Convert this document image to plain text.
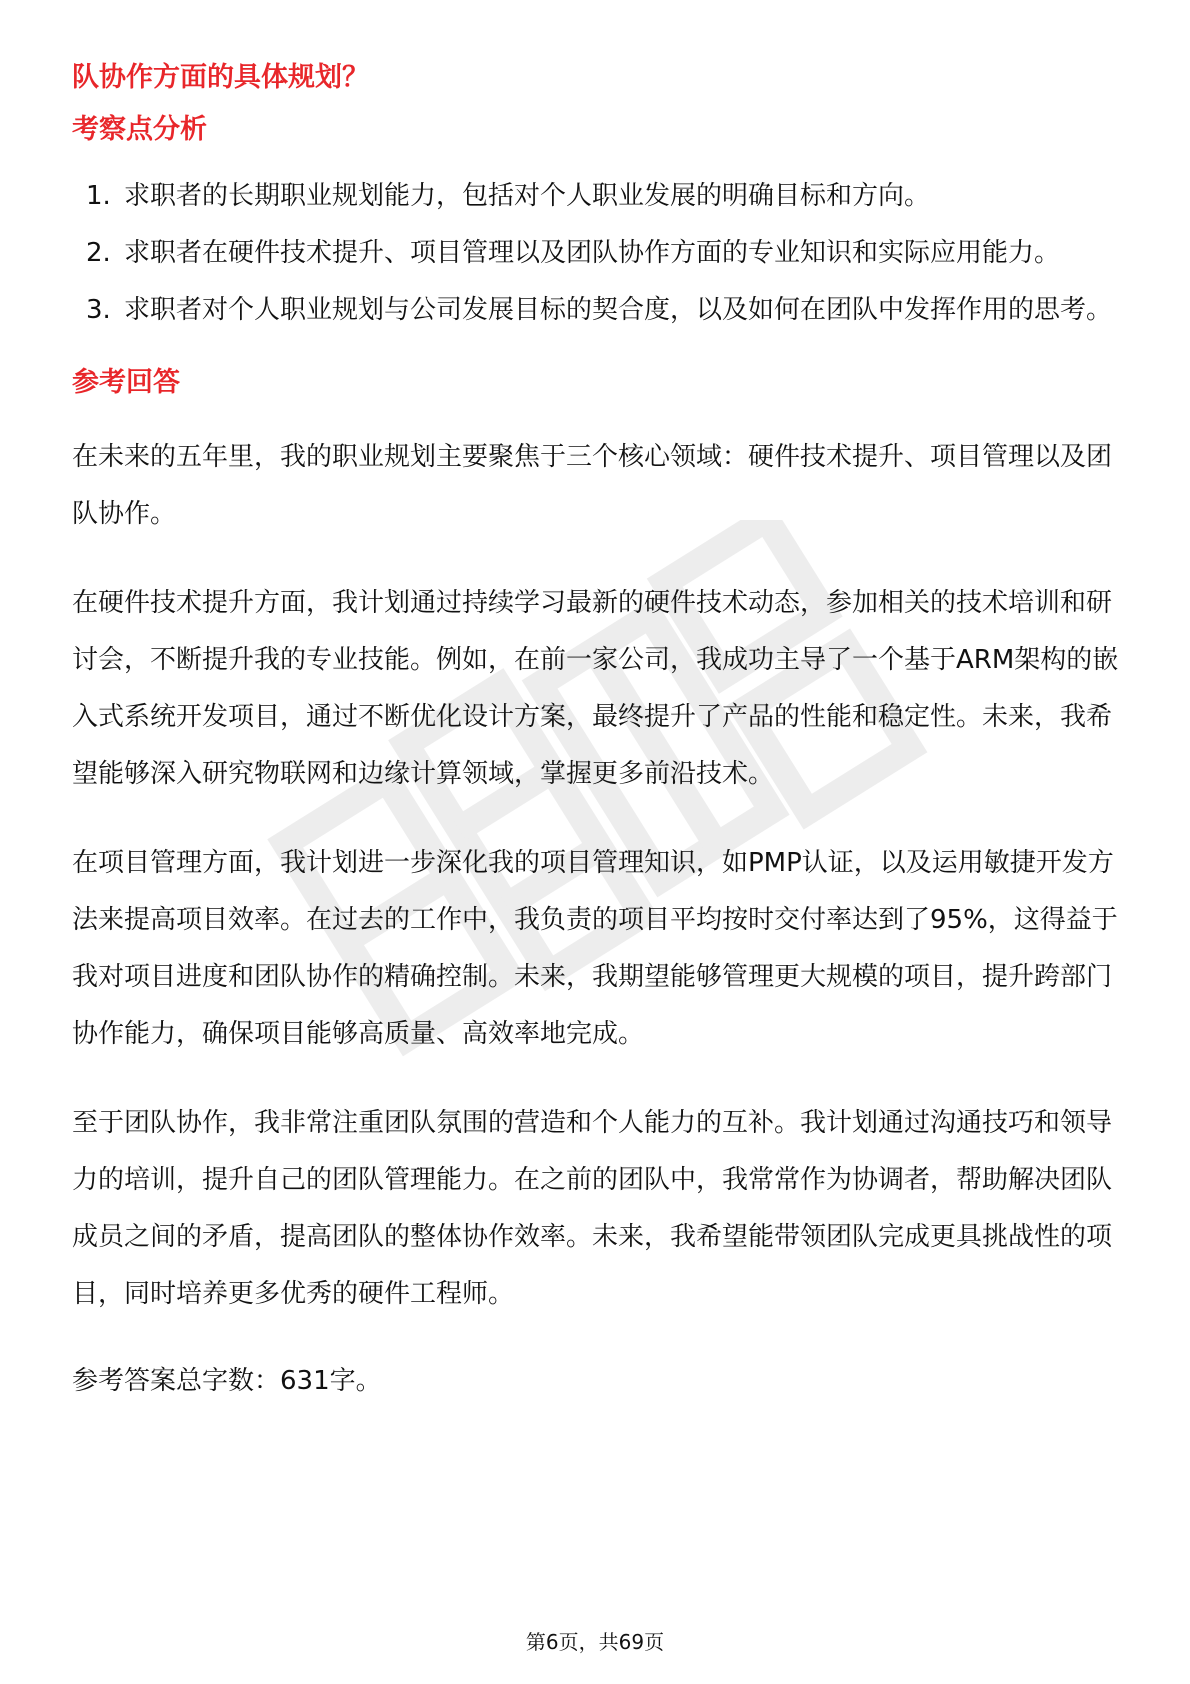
队协作方面的具体规划？
考察点分析
1. 求职者的长期职业规划能力，包括对个人职业发展的明确目标和方向。
2. 求职者在硬件技术提升、项目管理以及团队协作方面的专业知识和实际应用能力。
3. 求职者对个人职业规划与公司发展目标的契合度，以及如何在团队中发挥作用的思考。
参考回答

在未来的五年里，我的职业规划主要聚焦于三个核心领域：硬件技术提升、项目管理以及团队协作。

在硬件技术提升方面，我计划通过持续学习最新的硬件技术动态，参加相关的技术培训和研讨会，不断提升我的专业技能。例如，在前一家公司，我成功主导了一个基于ARM架构的嵌入式系统开发项目，通过不断优化设计方案，最终提升了产品的性能和稳定性。未来，我希望能够深入研究物联网和边缘计算领域，掌握更多前沿技术。

在项目管理方面，我计划进一步深化我的项目管理知识，如PMP认证，以及运用敏捷开发方法来提高项目效率。在过去的工作中，我负责的项目平均按时交付率达到了95%，这得益于我对项目进度和团队协作的精确控制。未来，我期望能够管理更大规模的项目，提升跨部门协作能力，确保项目能够高质量、高效率地完成。

至于团队协作，我非常注重团队氛围的营造和个人能力的互补。我计划通过沟通技巧和领导力的培训，提升自己的团队管理能力。在之前的团队中，我常常作为协调者，帮助解决团队成员之间的矛盾，提高团队的整体协作效率。未来，我希望能带领团队完成更具挑战性的项目，同时培养更多优秀的硬件工程师。

参考答案总字数：631字。

第6页，共69页
